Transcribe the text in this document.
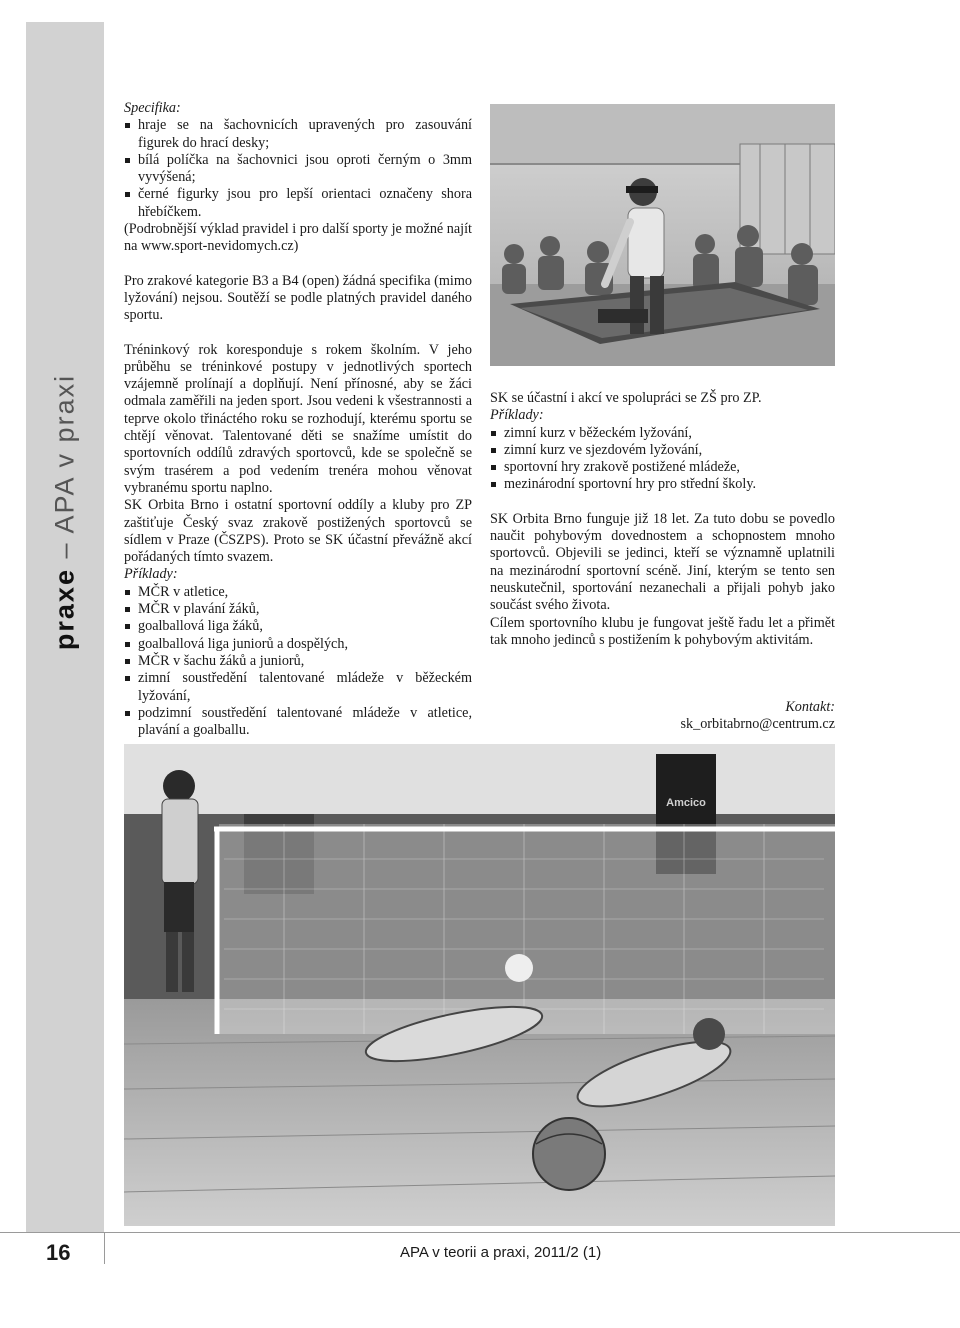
praxe – APA v praxi

Specifika:

hraje se na šachovnicích upravených pro zasouvání figurek do hrací desky;
bílá políčka na šachovnici jsou oproti černým o 3mm vyvýšená;
černé figurky jsou pro lepší orientaci označeny shora hřebíčkem.

(Podrobnější výklad pravidel i pro další sporty je možné najít na www.sport-nevidomych.cz)

Pro zrakové kategorie B3 a B4 (open) žádná specifika (mimo lyžování) nejsou. Soutěží se podle platných pravidel daného sportu.

Tréninkový rok koresponduje s rokem školním. V jeho průběhu se tréninkové postupy v jednotlivých sportech vzájemně prolínají a doplňují. Není přínosné, aby se žáci odmala zaměřili na jeden sport. Jsou vedeni k všestrannosti a teprve okolo třináctého roku se rozhodují, kterému sportu se chtějí věnovat. Talentované děti se snažíme umístit do sportovních oddílů zdravých sportovců, kde se společně se svým trasérem a pod vedením trenéra mohou věnovat vybranému sportu naplno.

SK Orbita Brno i ostatní sportovní oddíly a kluby pro ZP zaštiťuje Český svaz zrakově postižených sportovců se sídlem v Praze (ČSZPS). Proto se SK účastní převážně akcí pořádaných tímto svazem.

Příklady:

MČR v atletice,
MČR v plavání žáků,
goalballová liga žáků,
goalballová liga juniorů a dospělých,
MČR v šachu žáků a juniorů,
zimní soustředění talentované mládeže v běžeckém lyžování,
podzimní soustředění talentované mládeže v atletice, plavání a goalballu.

SK se účastní i akcí ve spolupráci se ZŠ pro ZP.

Příklady:

zimní kurz v běžeckém lyžování,
zimní kurz ve sjezdovém lyžování,
sportovní hry zrakově postižené mládeže,
mezinárodní sportovní hry pro střední školy.

SK Orbita Brno funguje již 18 let. Za tuto dobu se povedlo naučit pohybovým dovednostem a schopnostem mnoho sportovců. Objevili se jedinci, kteří se významně uplatnili na mezinárodní sportovní scéně. Jiní, kterým se tento sen neuskutečnil, sportování nezanechali a přijali pohyb jako součást svého života.

Cílem sportovního klubu je fungovat ještě řadu let a přimět tak mnoho jedinců s postižením k pohybovým aktivitám.

Kontakt:

sk_orbitabrno@centrum.cz

Amcico
16	APA v teorii a praxi, 2011/2 (1)
